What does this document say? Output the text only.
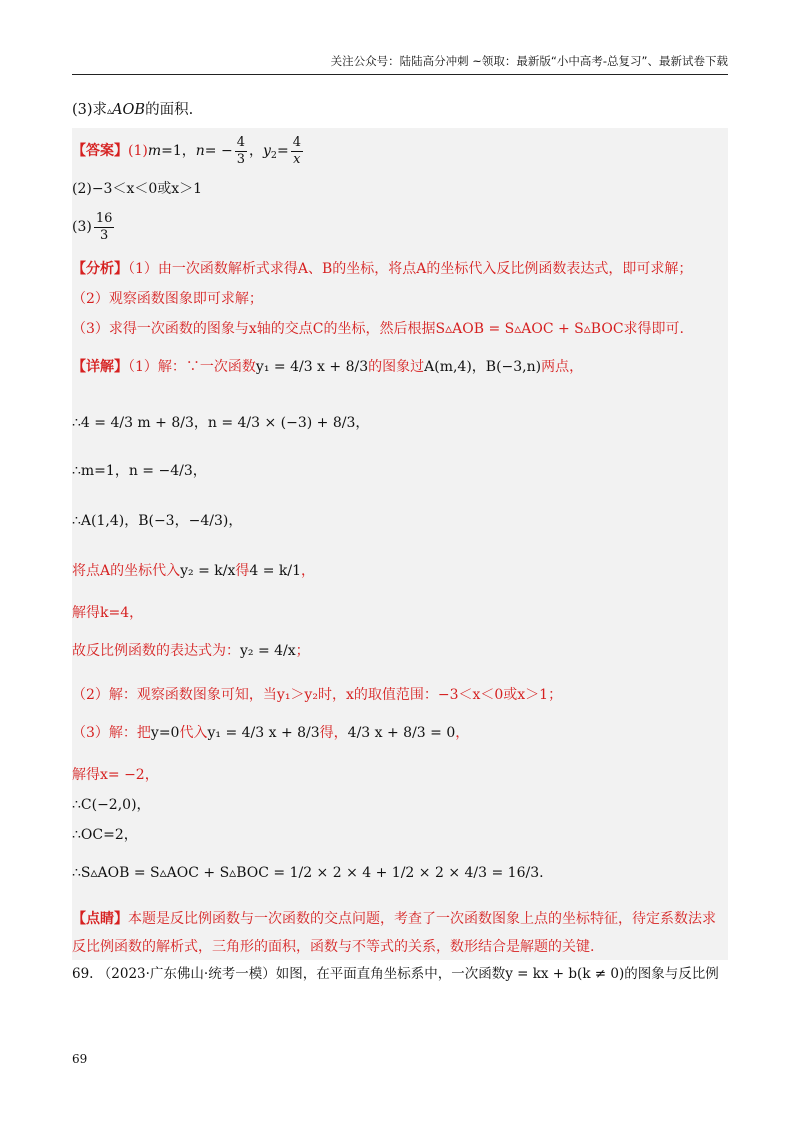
关注公众号：陆陆高分冲刺 ~领取：最新版“小中高考-总复习”、最新试卷下载
(3)求▵AOB的面积.
【答案】(1)m=1，$n= - \frac{4}{3}$ ，$y_2= \frac{4}{x}$
(2)−3＜x＜0或x＞1
$(3) \frac{16}{3}$
【分析】（1）由一次函数解析式求得A、B的坐标，将点A的坐标代入反比例函数表达式，即可求解；
（2）观察函数图象即可求解；
（3）求得一次函数的图象与x轴的交点C的坐标，然后根据S▵AOB = S▵AOC + S▵BOC求得即可.
【详解】（1）解：∵一次函数y₁ = 4/3 x + 8/3的图象过A(m,4)，B(−3,n)两点，
∴4 = 4/3 m + 8/3，n = 4/3 × (−3) + 8/3，
∴m=1，n = −4/3，
∴A(1,4)，B(−3，−4/3)，
将点A的坐标代入y₂ = k/x得4 = k/1，
解得k=4，
故反比例函数的表达式为：y₂ = 4/x；
（2）解：观察函数图象可知，当y₁＞y₂时，x的取值范围：−3＜x＜0或x＞1；
（3）解：把y=0代入y₁ = 4/3 x + 8/3得，4/3 x + 8/3 = 0，
解得x= −2，
∴C(−2,0)，
∴OC=2，
∴S▵AOB = S▵AOC + S▵BOC = 1/2 × 2 × 4 + 1/2 × 2 × 4/3 = 16/3.
【点睛】本题是反比例函数与一次函数的交点问题，考查了一次函数图象上点的坐标特征，待定系数法求
反比例函数的解析式，三角形的面积，函数与不等式的关系，数形结合是解题的关键.
69. （2023·广东佛山·统考一模）如图，在平面直角坐标系中，一次函数y = kx + b(k ≠ 0)的图象与反比例
69
